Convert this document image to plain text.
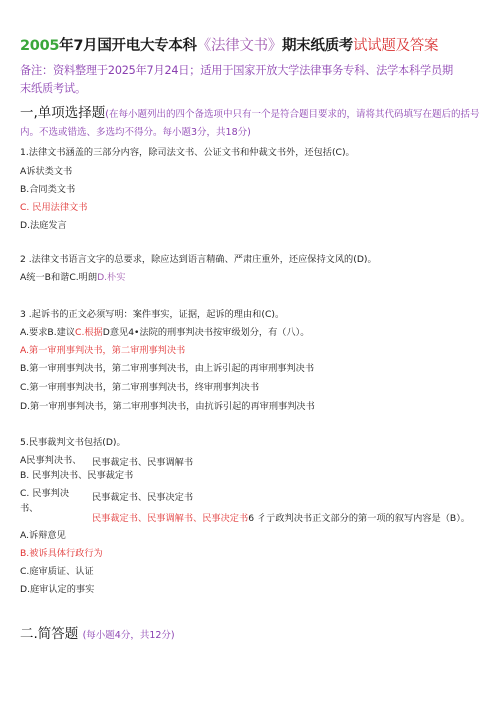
2005年7月国开电大专本科《法律文书》期末纸质考试试题及答案
备注：资料整理于2025年7月24日；适用于国家开放大学法律事务专科、法学本科学员期
末纸质考试。
一,单项选择题(在每小题列出的四个备选项中只有一个是符合题目要求的，请将其代码填写在题后的括号
内。不选或错选、多选均不得分。每小题3分，共18分)
1.法律文书涵盖的三部分内容，除司法文书、公证文书和仲裁文书外，还包括(C)。
A诉状类文书
B.合同类文书
C. 民用法律文书
D.法庭发言
2 .法律文书语言文字的总要求，除应达到语言精确、严肃庄重外，还应保持文风的(D)。
A统一B和谐C.明朗D.朴实
3 .起诉书的正文必须写明：案件事实，证据，起诉的理由和(C)。
A.要求B.建议C.根据D意见4•法院的刑事判决书按审级划分，有（八）。
A.第一审刑事判决书，第二审刑事判决书
B.第一审刑事判决书，第二审刑事判决书，由上诉引起的再审刑事判决书
C.第一审刑事判决书，第二审刑事判决书，终审刑事判决书
D.第一审刑事判决书，第二审刑事判决书，由抗诉引起的再审刑事判决书
5.民事裁判文书包括(D)。
A民事判决书、 民事裁定书、民事调解书
B. 民事判决书、民事裁定书
C. 民事判决 民事裁定书、民事决定书
书、
民事裁定书、民事调解书、民事决定书6 彳亍政判决书正文部分的第一项的叙写内容是（B）。
A.诉辩意见
B.被诉具体行政行为
C.庭审质证、认证
D.庭审认定的事实
二.简答题 (每小题4分，共12分)
